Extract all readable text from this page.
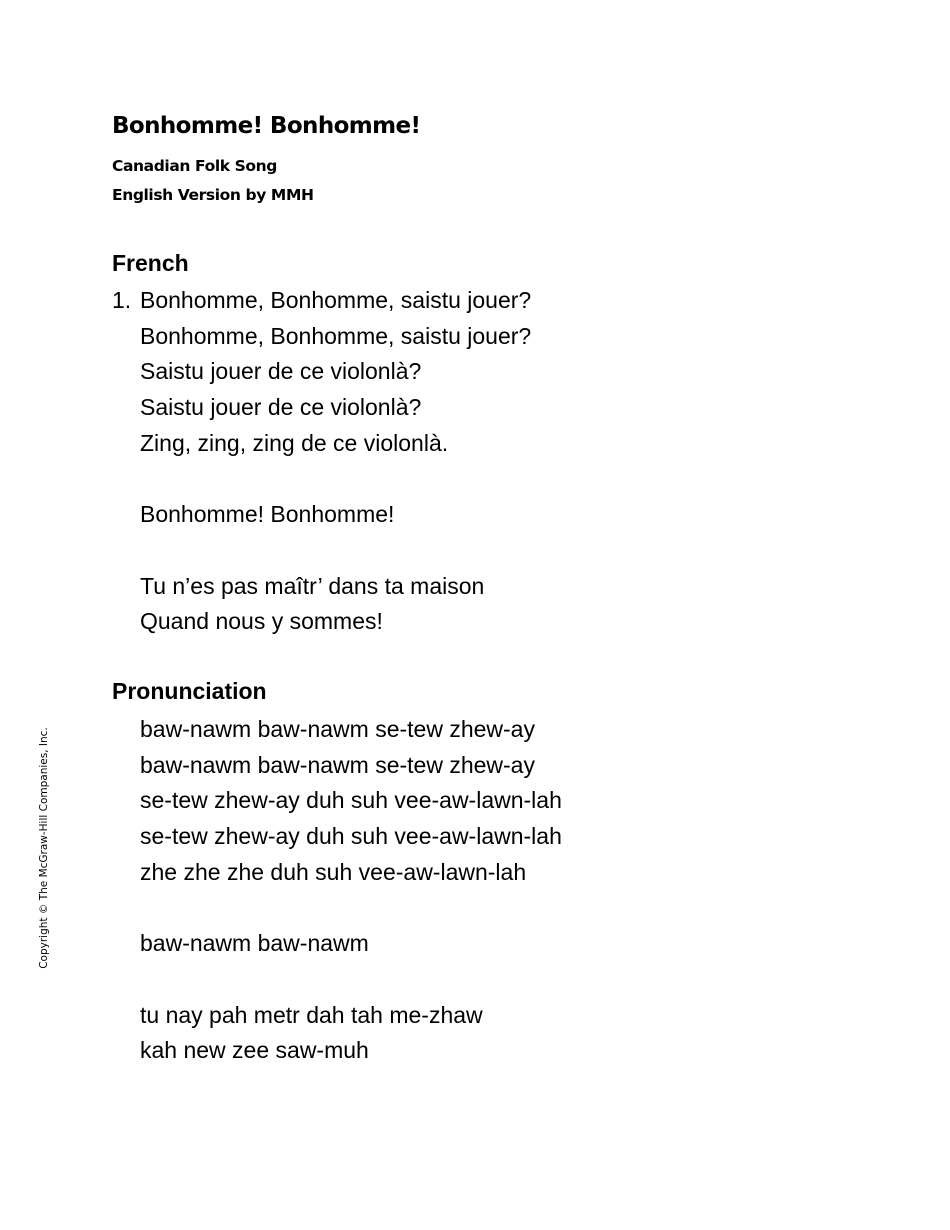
Bonhomme! Bonhomme!
Canadian Folk Song
English Version by MMH
French
1. Bonhomme, Bonhomme, saistu jouer?
Bonhomme, Bonhomme, saistu jouer?
Saistu jouer de ce violonlà?
Saistu jouer de ce violonlà?
Zing, zing, zing de ce violonlà.
Bonhomme! Bonhomme!
Tu n’es pas maîtr’ dans ta maison
Quand nous y sommes!
Pronunciation
baw-nawm baw-nawm se-tew zhew-ay
baw-nawm baw-nawm se-tew zhew-ay
se-tew zhew-ay duh suh vee-aw-lawn-lah
se-tew zhew-ay duh suh vee-aw-lawn-lah
zhe zhe zhe duh suh vee-aw-lawn-lah
baw-nawm baw-nawm
tu nay pah metr dah tah me-zhaw
kah new zee saw-muh
Copyright © The McGraw-Hill Companies, Inc.
